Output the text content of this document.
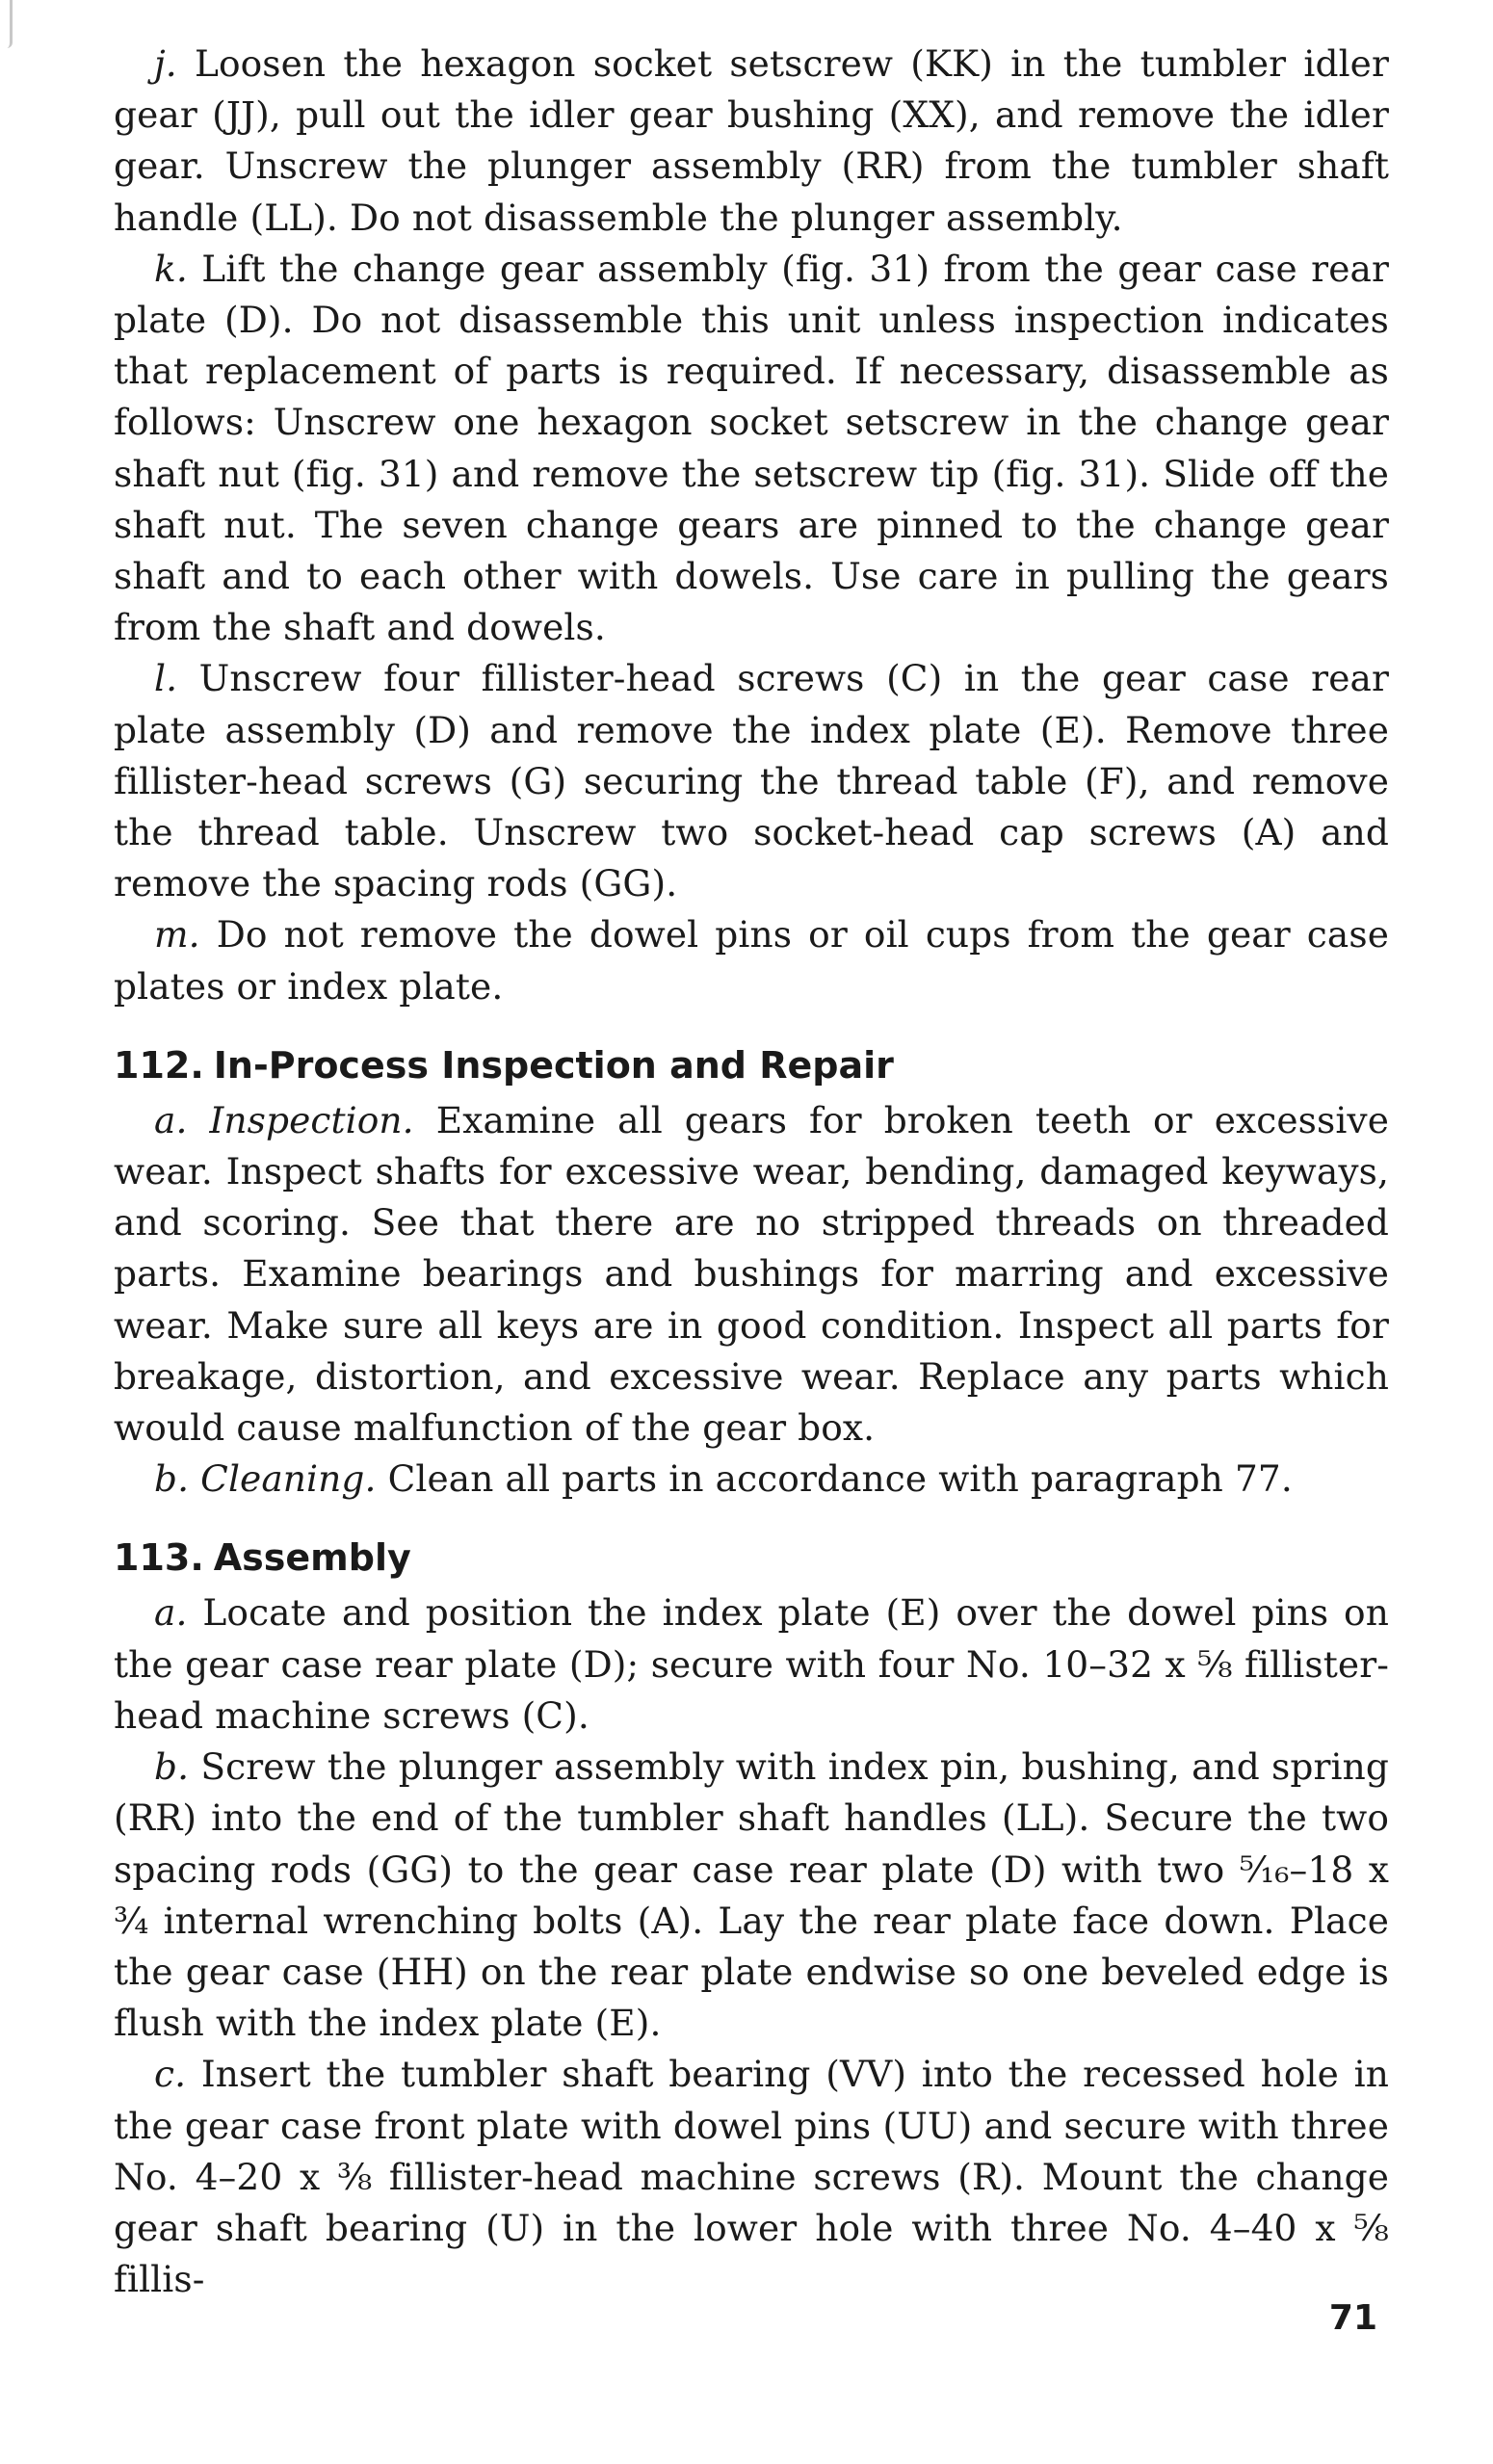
j. Loosen the hexagon socket setscrew (KK) in the tumbler idler gear (JJ), pull out the idler gear bushing (XX), and remove the idler gear. Unscrew the plunger assembly (RR) from the tumbler shaft handle (LL). Do not disassemble the plunger assembly.

k. Lift the change gear assembly (fig. 31) from the gear case rear plate (D). Do not disassemble this unit unless inspection indicates that replacement of parts is required. If necessary, disassemble as follows: Unscrew one hexagon socket setscrew in the change gear shaft nut (fig. 31) and remove the setscrew tip (fig. 31). Slide off the shaft nut. The seven change gears are pinned to the change gear shaft and to each other with dowels. Use care in pulling the gears from the shaft and dowels.

l. Unscrew four fillister-head screws (C) in the gear case rear plate assembly (D) and remove the index plate (E). Remove three fillister-head screws (G) securing the thread table (F), and remove the thread table. Unscrew two socket-head cap screws (A) and remove the spacing rods (GG).

m. Do not remove the dowel pins or oil cups from the gear case plates or index plate.

112. In-Process Inspection and Repair

a. Inspection. Examine all gears for broken teeth or excessive wear. Inspect shafts for excessive wear, bending, damaged keyways, and scoring. See that there are no stripped threads on threaded parts. Examine bearings and bushings for marring and excessive wear. Make sure all keys are in good condition. Inspect all parts for breakage, distortion, and excessive wear. Replace any parts which would cause malfunction of the gear box.

b. Cleaning. Clean all parts in accordance with paragraph 77.

113. Assembly

a. Locate and position the index plate (E) over the dowel pins on the gear case rear plate (D); secure with four No. 10–32 x ⅝ fillister-head machine screws (C).

b. Screw the plunger assembly with index pin, bushing, and spring (RR) into the end of the tumbler shaft handles (LL). Secure the two spacing rods (GG) to the gear case rear plate (D) with two ⁵⁄₁₆–18 x ¾ internal wrenching bolts (A). Lay the rear plate face down. Place the gear case (HH) on the rear plate endwise so one beveled edge is flush with the index plate (E).

c. Insert the tumbler shaft bearing (VV) into the recessed hole in the gear case front plate with dowel pins (UU) and secure with three No. 4–20 x ⅜ fillister-head machine screws (R). Mount the change gear shaft bearing (U) in the lower hole with three No. 4–40 x ⅝ fillis-

71
